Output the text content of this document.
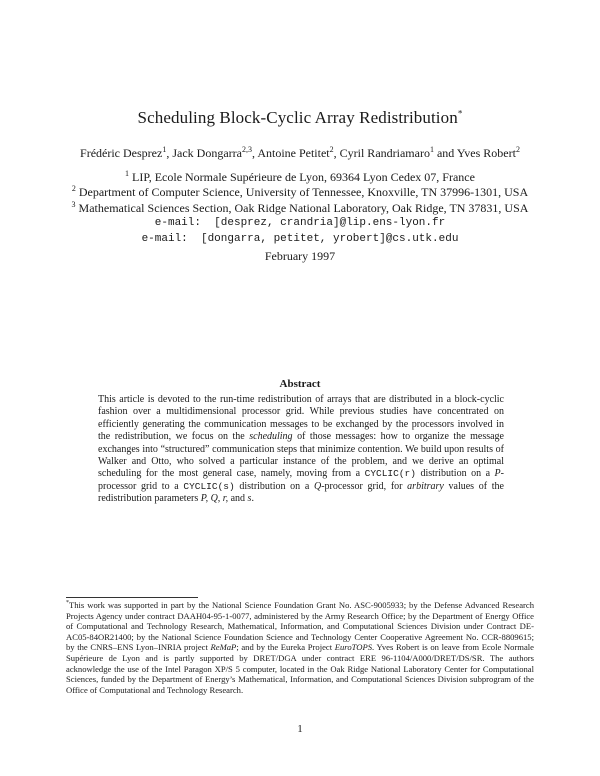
Scheduling Block-Cyclic Array Redistribution*
Frédéric Desprez$^1$, Jack Dongarra$^{2,3}$, Antoine Petitet$^2$, Cyril Randriamaro$^1$ and Yves Robert$^2$
$^1$ LIP, Ecole Normale Supérieure de Lyon, 69364 Lyon Cedex 07, France
$^2$ Department of Computer Science, University of Tennessee, Knoxville, TN 37996-1301, USA
$^3$ Mathematical Sciences Section, Oak Ridge National Laboratory, Oak Ridge, TN 37831, USA
e-mail:  [desprez, crandria]@lip.ens-lyon.fr
e-mail:  [dongarra, petitet, yrobert]@cs.utk.edu
February 1997
Abstract
This article is devoted to the run-time redistribution of arrays that are distributed in a block-cyclic fashion over a multidimensional processor grid. While previous studies have concentrated on efficiently generating the communication messages to be exchanged by the processors involved in the redistribution, we focus on the scheduling of those messages: how to organize the message exchanges into “structured” communication steps that minimize contention. We build upon results of Walker and Otto, who solved a particular instance of the problem, and we derive an optimal scheduling for the most general case, namely, moving from a CYCLIC(r) distribution on a P-processor grid to a CYCLIC(s) distribution on a Q-processor grid, for arbitrary values of the redistribution parameters P, Q, r, and s.
*This work was supported in part by the National Science Foundation Grant No. ASC-9005933; by the Defense Advanced Research Projects Agency under contract DAAH04-95-1-0077, administered by the Army Research Office; by the Department of Energy Office of Computational and Technology Research, Mathematical, Information, and Computational Sciences Division under Contract DE-AC05-84OR21400; by the National Science Foundation Science and Technology Center Cooperative Agreement No. CCR-8809615; by the CNRS–ENS Lyon–INRIA project ReMaP; and by the Eureka Project EuroTOPS. Yves Robert is on leave from Ecole Normale Supérieure de Lyon and is partly supported by DRET/DGA under contract ERE 96-1104/A000/DRET/DS/SR. The authors acknowledge the use of the Intel Paragon XP/S 5 computer, located in the Oak Ridge National Laboratory Center for Computational Sciences, funded by the Department of Energy’s Mathematical, Information, and Computational Sciences Division subprogram of the Office of Computational and Technology Research.
1
